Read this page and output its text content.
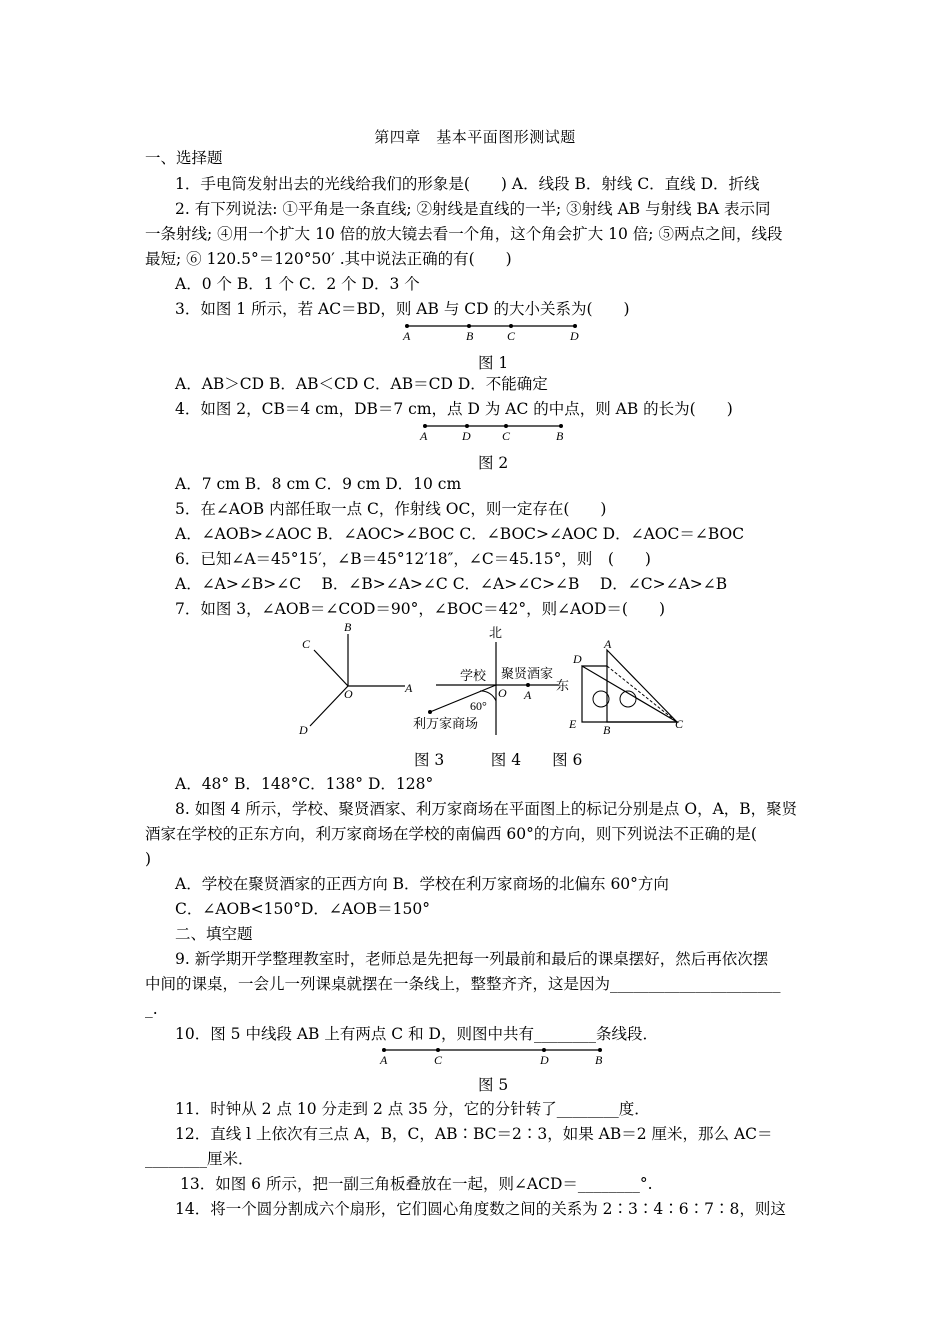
第四章　基本平面图形测试题
一、选择题
1．手电筒发射出去的光线给我们的形象是(　　) A．线段 B．射线 C．直线 D．折线
2. 有下列说法: ①平角是一条直线; ②射线是直线的一半; ③射线 AB 与射线 BA 表示同
一条射线; ④用一个扩大 10 倍的放大镜去看一个角，这个角会扩大 10 倍; ⑤两点之间，线段
最短; ⑥ 120.5°＝120°50′ .其中说法正确的有(　　)
A．0 个 B．1 个 C．2 个 D．3 个
3．如图 1 所示，若 AC＝BD，则 AB 与 CD 的大小关系为(　　)
A	B	C	D
图 1
A．AB＞CD B．AB＜CD C．AB＝CD D．不能确定
4．如图 2，CB＝4 cm，DB＝7 cm，点 D 为 AC 的中点，则 AB 的长为(　　)
A	D	C	B
图 2
A．7 cm B．8 cm C．9 cm D．10 cm
5．在∠AOB 内部任取一点 C，作射线 OC，则一定存在(　　)
A．∠AOB>∠AOC B．∠AOC>∠BOC C．∠BOC>∠AOC D．∠AOC＝∠BOC
6．已知∠A＝45°15′，∠B＝45°12′18″，∠C＝45.15°，则　(　　)
A．∠A>∠B>∠C　 B．∠B>∠A>∠C C．∠A>∠C>∠B　 D．∠C>∠A>∠B
7．如图 3，∠AOB＝∠COD＝90°，∠BOC＝42°，则∠AOD＝(　　)
C
B
O	A
D
北
学校 聚贤酒家
东
O A
60°
利万家商场
D
A
E B	C
图 3　　　图 4　　图 6
A．48° B．148°C．138° D．128°
8. 如图 4 所示，学校、聚贤酒家、利万家商场在平面图上的标记分别是点 O，A，B，聚贤
酒家在学校的正东方向，利万家商场在学校的南偏西 60°的方向，则下列说法不正确的是(
)
A．学校在聚贤酒家的正西方向 B．学校在利万家商场的北偏东 60°方向
C．∠AOB<150°D．∠AOB＝150°
二、填空题
9. 新学期开学整理教室时，老师总是先把每一列最前和最后的课桌摆好，然后再依次摆
中间的课桌，一会儿一列课桌就摆在一条线上，整整齐齐，这是因为______________________
_.
10．图 5 中线段 AB 上有两点 C 和 D，则图中共有________条线段．
A	C	D	B
图 5
11．时钟从 2 点 10 分走到 2 点 35 分，它的分针转了________度．
12．直线 l 上依次有三点 A，B，C，AB∶BC＝2∶3，如果 AB＝2 厘米，那么 AC＝
________厘米．
13．如图 6 所示，把一副三角板叠放在一起，则∠ACD＝________°.
14．将一个圆分割成六个扇形，它们圆心角度数之间的关系为 2∶3∶4∶6∶7∶8，则这
